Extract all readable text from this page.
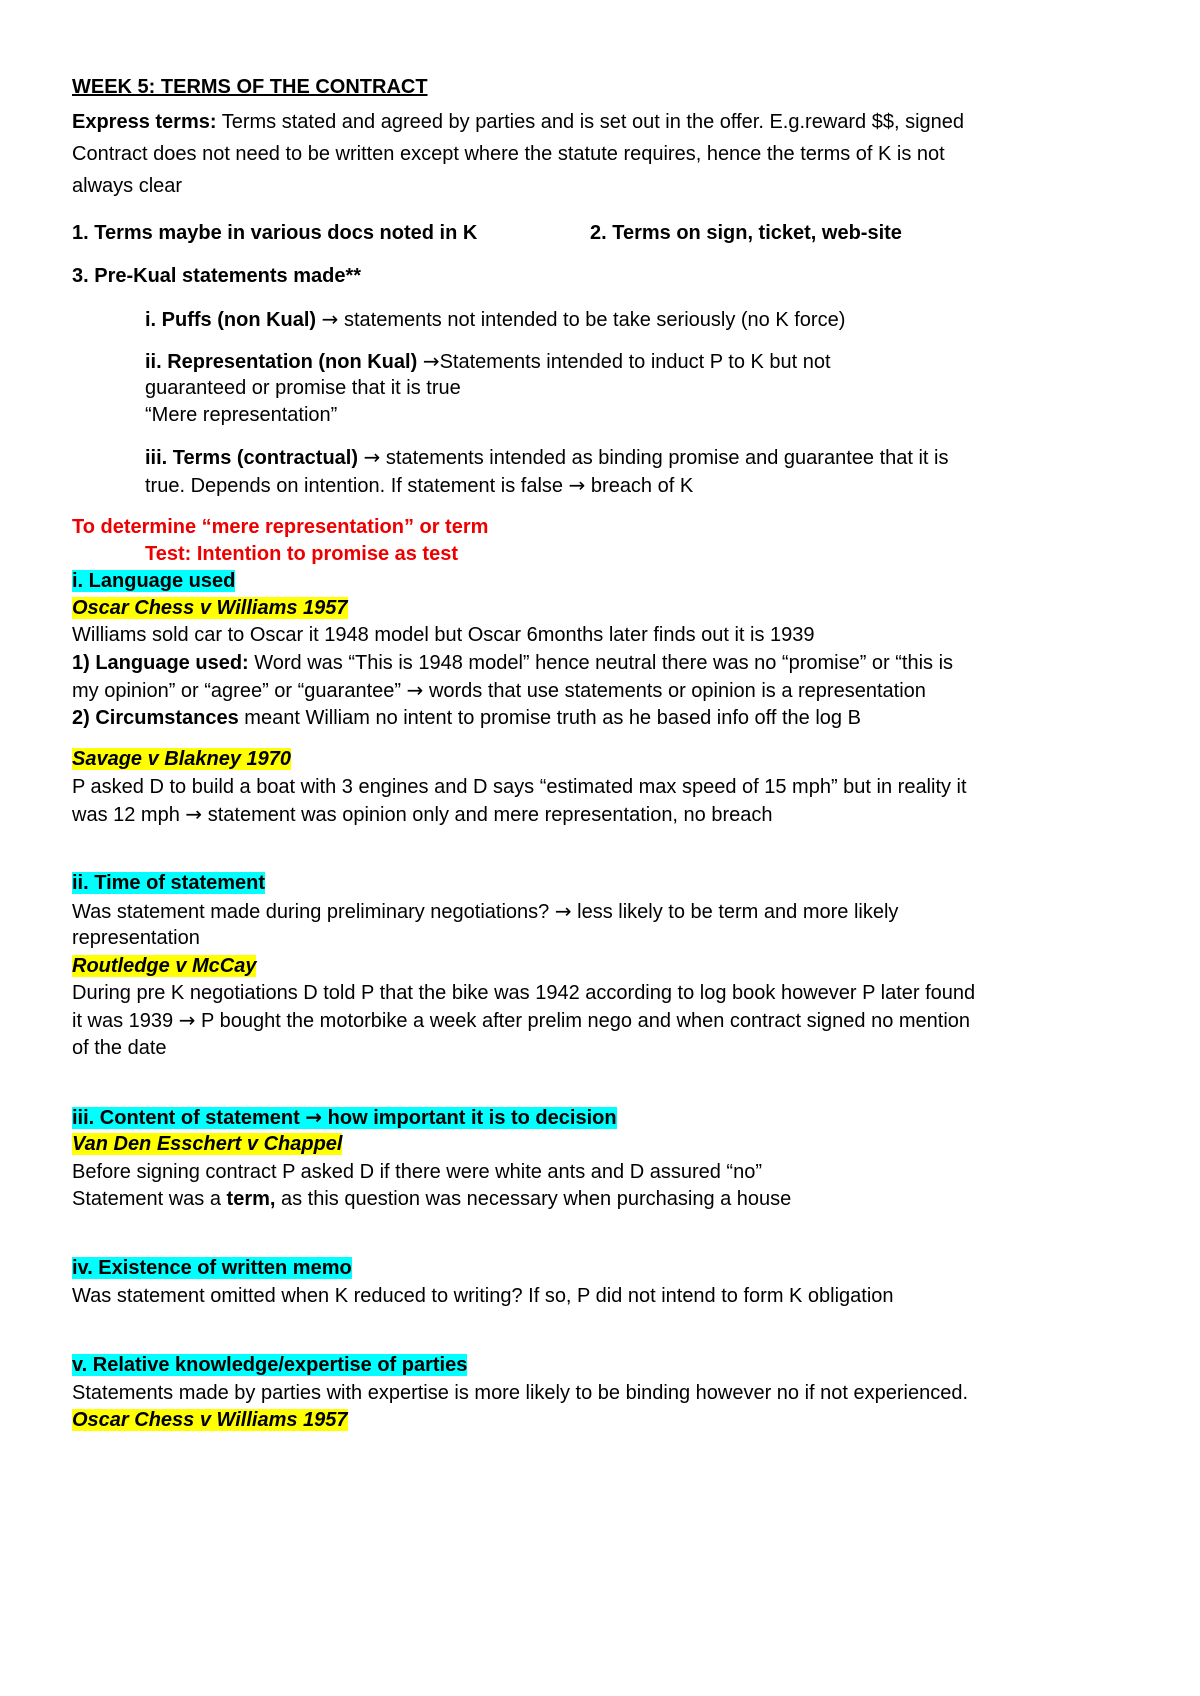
WEEK 5: TERMS OF THE CONTRACT
Express terms: Terms stated and agreed by parties and is set out in the offer. E.g.reward $$, signed
Contract does not need to be written except where the statute requires, hence the terms of K is not
always clear
1. Terms maybe in various docs noted in K	2. Terms on sign, ticket, web-site
3. Pre-Kual statements made**
i. Puffs (non Kual) → statements not intended to be take seriously (no K force)
ii. Representation (non Kual) →Statements intended to induct P to K but not
guaranteed or promise that it is true
“Mere representation”
iii. Terms (contractual) → statements intended as binding promise and guarantee that it is
true. Depends on intention. If statement is false → breach of K
To determine “mere representation” or term
Test: Intention to promise as test
i. Language used
Oscar Chess v Williams 1957
Williams sold car to Oscar it 1948 model but Oscar 6months later finds out it is 1939
1) Language used: Word was “This is 1948 model” hence neutral there was no “promise” or “this is
my opinion” or “agree” or “guarantee” → words that use statements or opinion is a representation
2) Circumstances meant William no intent to promise truth as he based info off the log B
Savage v Blakney 1970
P asked D to build a boat with 3 engines and D says “estimated max speed of 15 mph” but in reality it
was 12 mph → statement was opinion only and mere representation, no breach
ii. Time of statement
Was statement made during preliminary negotiations? → less likely to be term and more likely
representation
Routledge v McCay
During pre K negotiations D told P that the bike was 1942 according to log book however P later found
it was 1939 → P bought the motorbike a week after prelim nego and when contract signed no mention
of the date
iii. Content of statement → how important it is to decision
Van Den Esschert v Chappel
Before signing contract P asked D if there were white ants and D assured “no”
Statement was a term, as this question was necessary when purchasing a house
iv. Existence of written memo
Was statement omitted when K reduced to writing? If so, P did not intend to form K obligation
v. Relative knowledge/expertise of parties
Statements made by parties with expertise is more likely to be binding however no if not experienced.
Oscar Chess v Williams 1957
